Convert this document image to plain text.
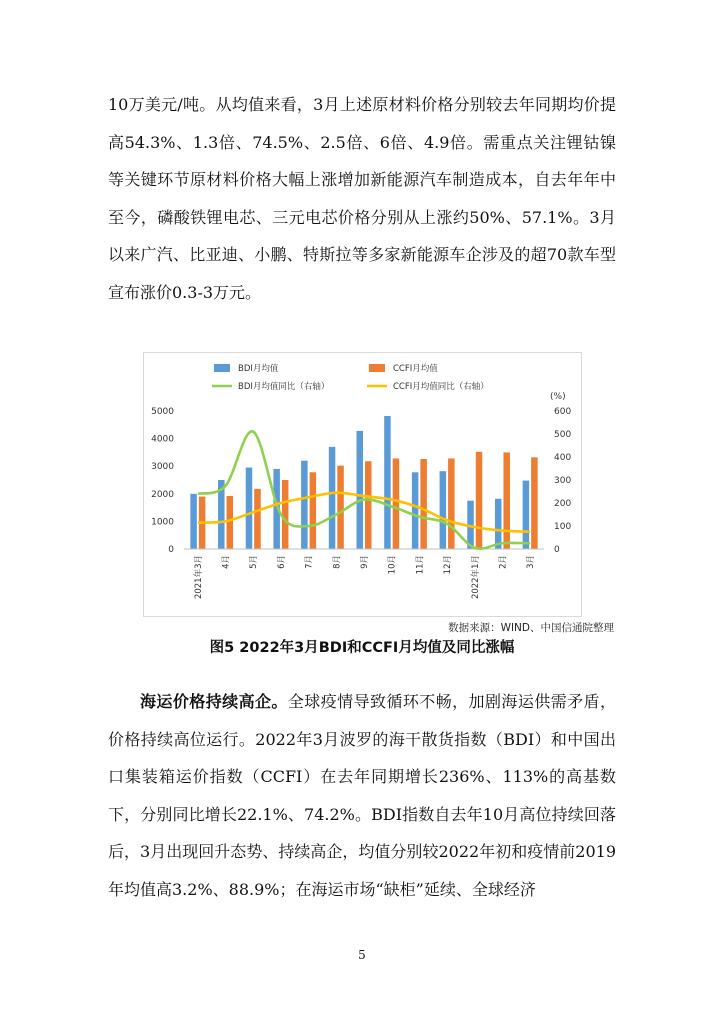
10万美元/吨。从均值来看，3月上述原材料价格分别较去年同期均价提高54.3%、1.3倍、74.5%、2.5倍、6倍、4.9倍。需重点关注锂钴镍等关键环节原材料价格大幅上涨增加新能源汽车制造成本，自去年年中至今，磷酸铁锂电芯、三元电芯价格分别从上涨约50%、57.1%。3月以来广汽、比亚迪、小鹏、特斯拉等多家新能源车企涉及的超70款车型宣布涨价0.3-3万元。

BDI月均值	CCFI月均值
BDI月均值同比（右轴）	CCFI月均值同比（右轴）
(%)
0
1000
2000
3000
4000
5000
0
100
200
300
400
500
600
2021年3月 4月 5月 6月 7月 8月 9月 10月 11月 12月 2022年1月 2月 3月
数据来源：WIND、中国信通院整理
图5 2022年3月BDI和CCFI月均值及同比涨幅

海运价格持续高企。全球疫情导致循环不畅，加剧海运供需矛盾，价格持续高位运行。2022年3月波罗的海干散货指数（BDI）和中国出口集装箱运价指数（CCFI）在去年同期增长236%、113%的高基数下，分别同比增长22.1%、74.2%。BDI指数自去年10月高位持续回落后，3月出现回升态势、持续高企，均值分别较2022年初和疫情前2019年均值高3.2%、88.9%；在海运市场“缺柜”延续、全球经济

5
